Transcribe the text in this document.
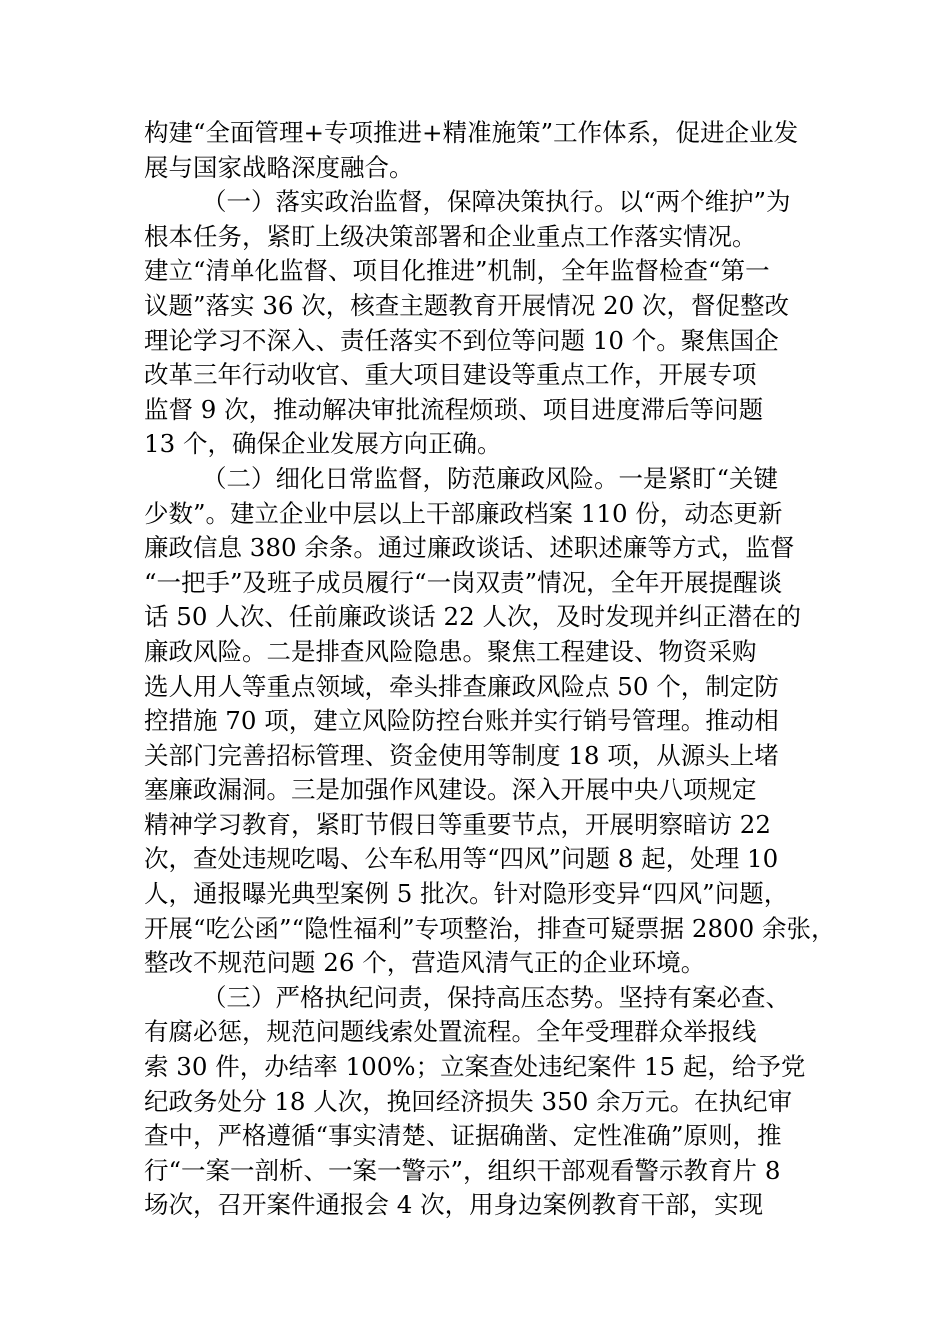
构建“全面管理+专项推进+精准施策”工作体系，促进企业发
展与国家战略深度融合。
（一）落实政治监督，保障决策执行。以“两个维护”为
根本任务，紧盯上级决策部署和企业重点工作落实情况。
建立“清单化监督、项目化推进”机制，全年监督检查“第一
议题”落实 36 次，核查主题教育开展情况 20 次，督促整改
理论学习不深入、责任落实不到位等问题 10 个。聚焦国企
改革三年行动收官、重大项目建设等重点工作，开展专项
监督 9 次，推动解决审批流程烦琐、项目进度滞后等问题
13 个，确保企业发展方向正确。
（二）细化日常监督，防范廉政风险。一是紧盯“关键
少数”。建立企业中层以上干部廉政档案 110 份，动态更新
廉政信息 380 余条。通过廉政谈话、述职述廉等方式，监督
“一把手”及班子成员履行“一岗双责”情况，全年开展提醒谈
话 50 人次、任前廉政谈话 22 人次，及时发现并纠正潜在的
廉政风险。二是排查风险隐患。聚焦工程建设、物资采购
选人用人等重点领域，牵头排查廉政风险点 50 个，制定防
控措施 70 项，建立风险防控台账并实行销号管理。推动相
关部门完善招标管理、资金使用等制度 18 项，从源头上堵
塞廉政漏洞。三是加强作风建设。深入开展中央八项规定
精神学习教育，紧盯节假日等重要节点，开展明察暗访 22
次，查处违规吃喝、公车私用等“四风”问题 8 起，处理 10
人，通报曝光典型案例 5 批次。针对隐形变异“四风”问题，
开展“吃公函”“隐性福利”专项整治，排查可疑票据 2800 余张，
整改不规范问题 26 个，营造风清气正的企业环境。
（三）严格执纪问责，保持高压态势。坚持有案必查、
有腐必惩，规范问题线索处置流程。全年受理群众举报线
索 30 件，办结率 100%；立案查处违纪案件 15 起，给予党
纪政务处分 18 人次，挽回经济损失 350 余万元。在执纪审
查中，严格遵循“事实清楚、证据确凿、定性准确”原则，推
行“一案一剖析、一案一警示”，组织干部观看警示教育片 8
场次，召开案件通报会 4 次，用身边案例教育干部，实现
